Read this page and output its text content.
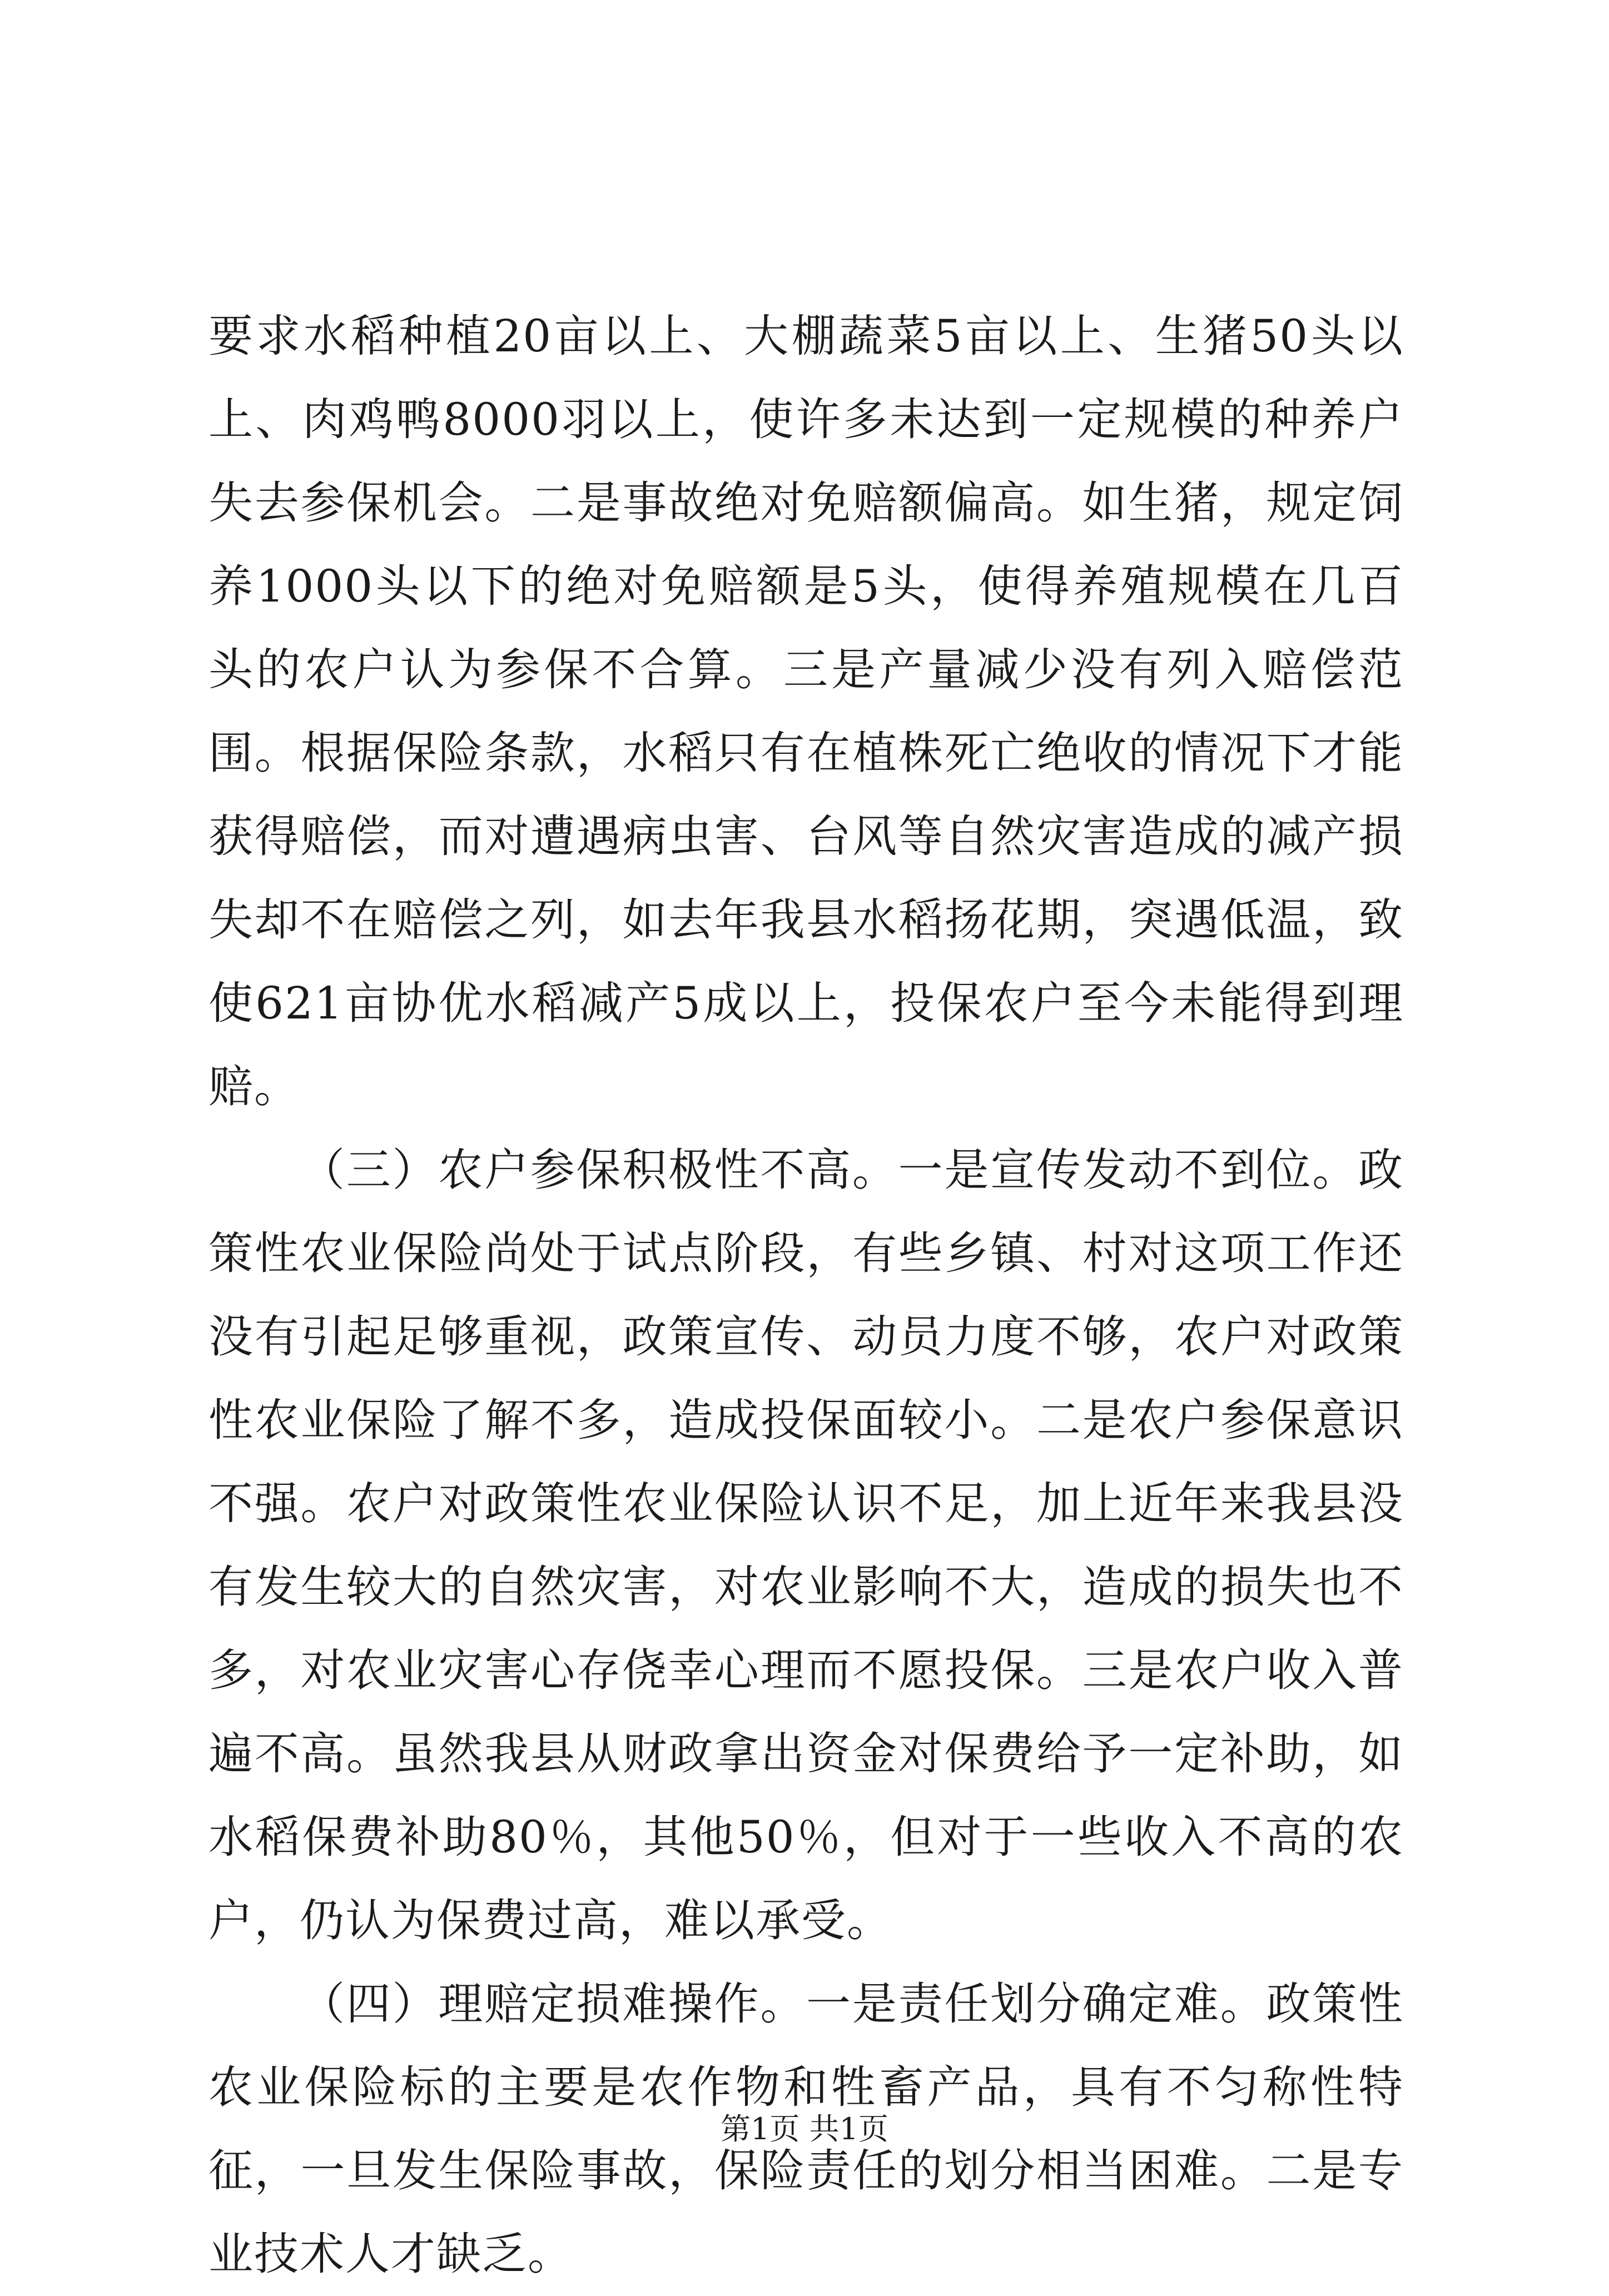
要求水稻种植20亩以上、大棚蔬菜5亩以上、生猪50头以上、肉鸡鸭8000羽以上，使许多未达到一定规模的种养户失去参保机会。二是事故绝对免赔额偏高。如生猪，规定饲养1000头以下的绝对免赔额是5头，使得养殖规模在几百头的农户认为参保不合算。三是产量减少没有列入赔偿范围。根据保险条款，水稻只有在植株死亡绝收的情况下才能获得赔偿，而对遭遇病虫害、台风等自然灾害造成的减产损失却不在赔偿之列，如去年我县水稻扬花期，突遇低温，致使621亩协优水稻减产5成以上，投保农户至今未能得到理赔。

（三）农户参保积极性不高。一是宣传发动不到位。政策性农业保险尚处于试点阶段，有些乡镇、村对这项工作还没有引起足够重视，政策宣传、动员力度不够，农户对政策性农业保险了解不多，造成投保面较小。二是农户参保意识不强。农户对政策性农业保险认识不足，加上近年来我县没有发生较大的自然灾害，对农业影响不大，造成的损失也不多，对农业灾害心存侥幸心理而不愿投保。三是农户收入普遍不高。虽然我县从财政拿出资金对保费给予一定补助，如水稻保费补助80％，其他50％，但对于一些收入不高的农户，仍认为保费过高，难以承受。

（四）理赔定损难操作。一是责任划分确定难。政策性农业保险标的主要是农作物和牲畜产品，具有不匀称性特征，一旦发生保险事故，保险责任的划分相当困难。二是专业技术人才缺乏。

第1页 共1页
